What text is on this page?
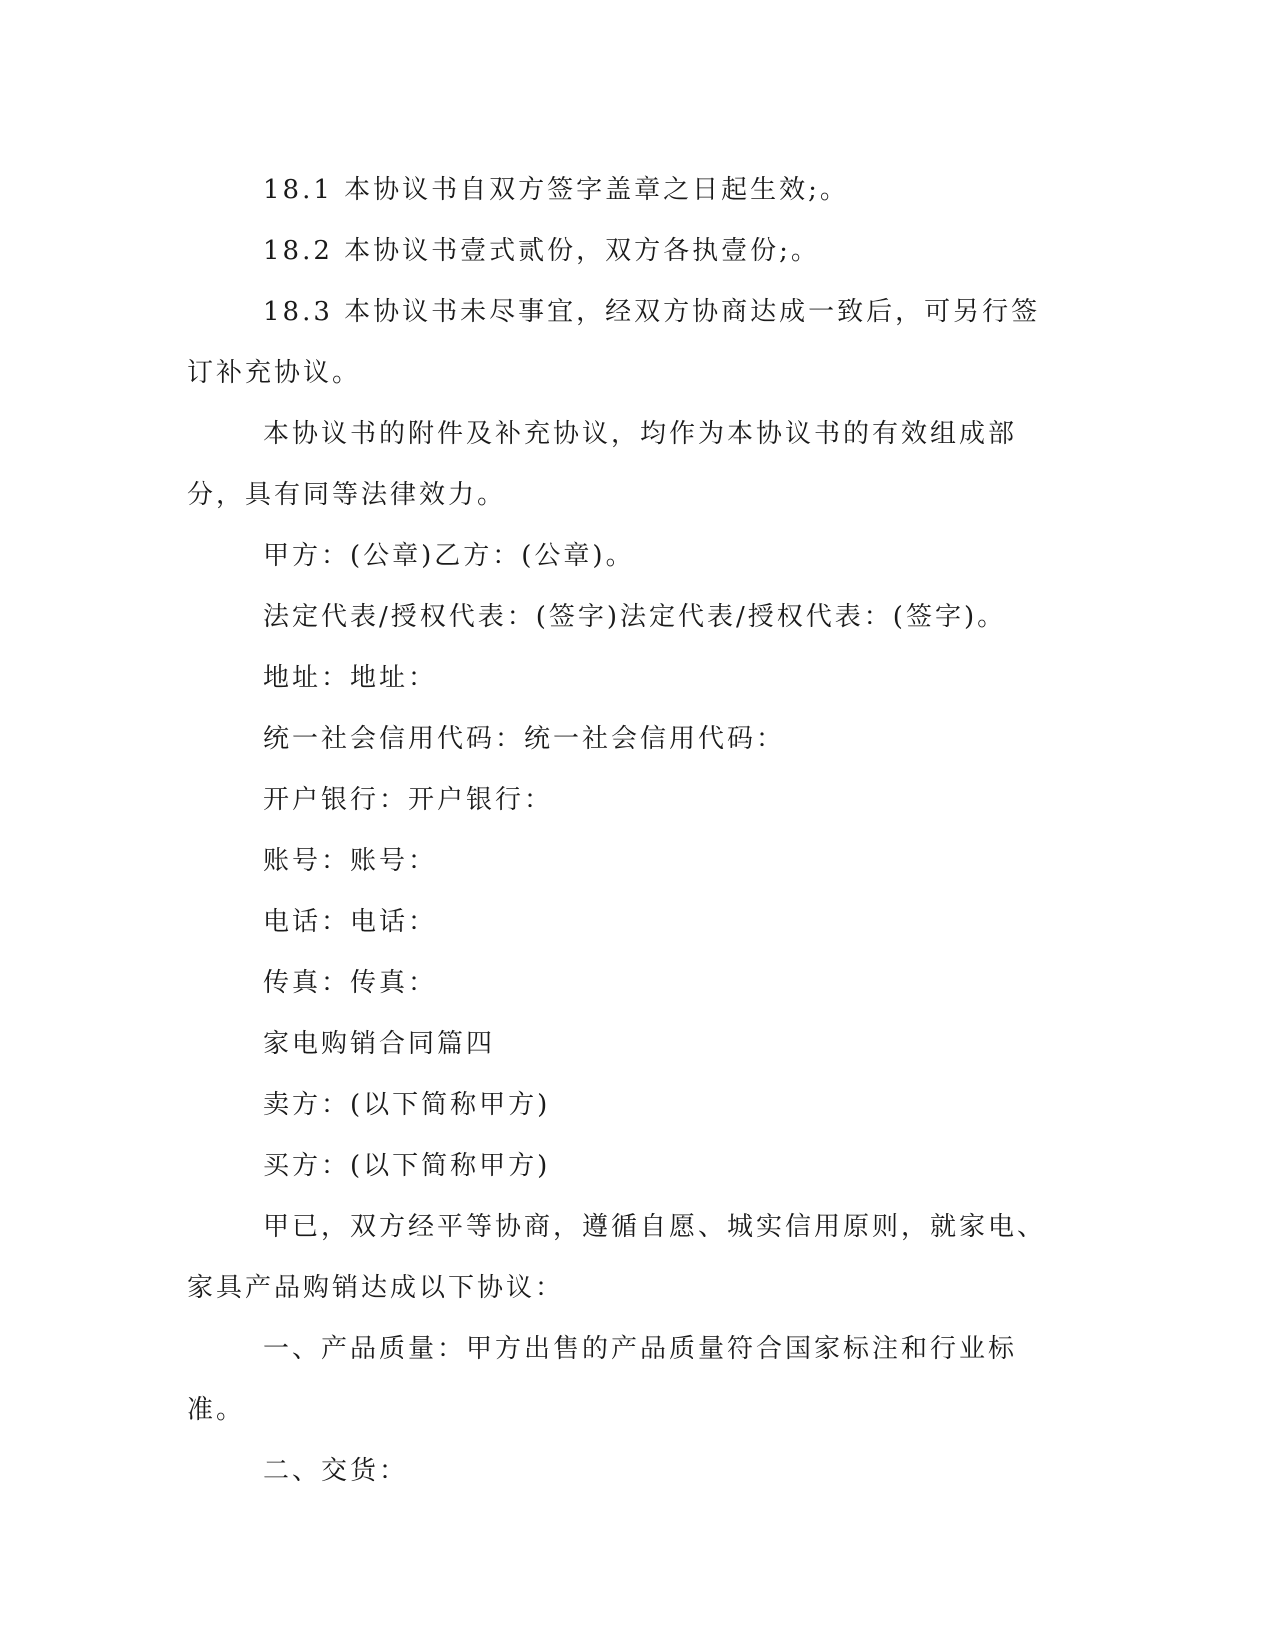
18.1 本协议书自双方签字盖章之日起生效;。

18.2 本协议书壹式贰份，双方各执壹份;。

18.3 本协议书未尽事宜，经双方协商达成一致后，可另行签订补充协议。

本协议书的附件及补充协议，均作为本协议书的有效组成部分，具有同等法律效力。

甲方：(公章)乙方：(公章)。

法定代表/授权代表：(签字)法定代表/授权代表：(签字)。

地址：地址：

统一社会信用代码：统一社会信用代码：

开户银行：开户银行：

账号：账号：

电话：电话：

传真：传真：

家电购销合同篇四

卖方：(以下简称甲方)

买方：(以下简称甲方)

甲已，双方经平等协商，遵循自愿、城实信用原则，就家电、家具产品购销达成以下协议：

一、产品质量：甲方出售的产品质量符合国家标注和行业标准。

二、交货：
